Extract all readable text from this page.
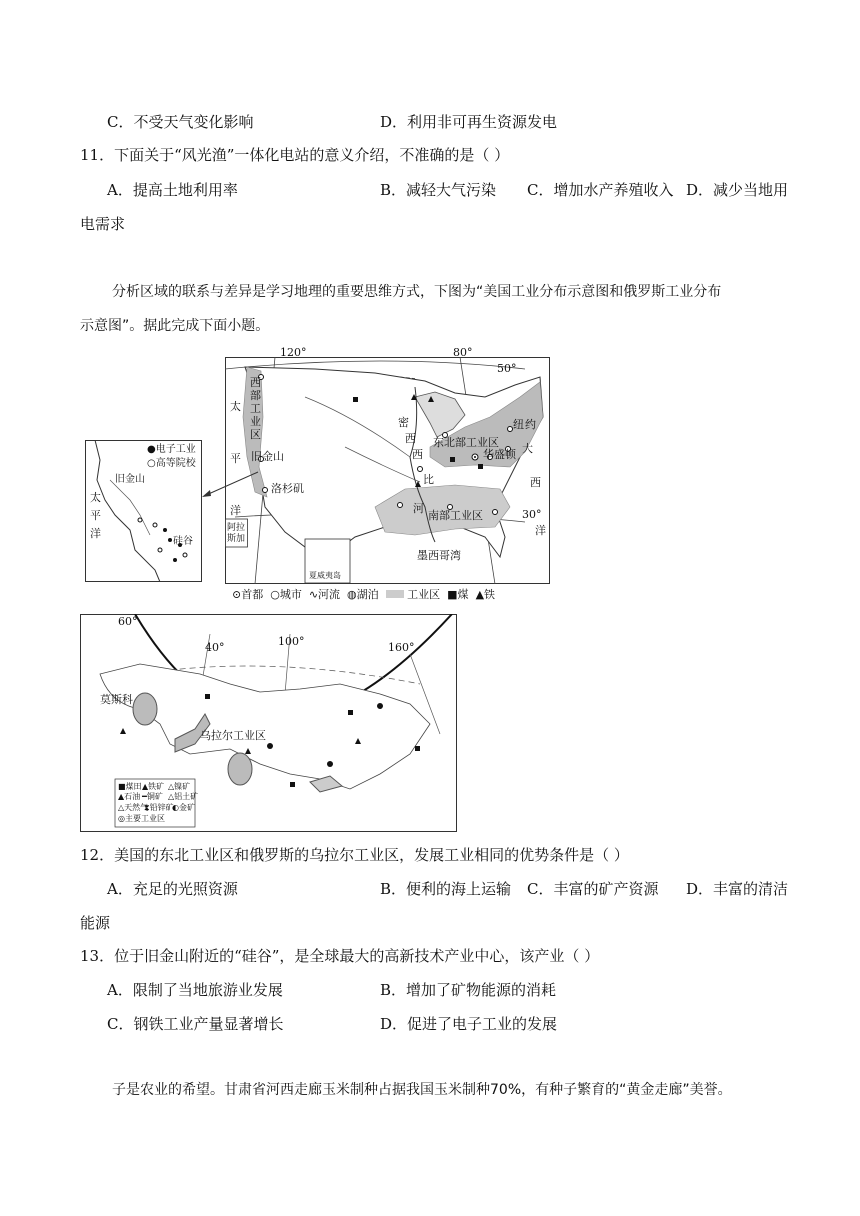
C．不受天气变化影响	D．利用非可再生资源发电
11．下面关于“风光渔”一体化电站的意义介绍，不准确的是（ ）
A．提高土地利用率	B．减轻大气污染 C．增加水产养殖收入 D．减少当地用
电需求
分析区域的联系与差异是学习地理的重要思维方式，下图为“美国工业分布示意图和俄罗斯工业分布
示意图”。据此完成下面小题。
120°	80°
50°
30°
西
部
工
业
区
太
平
洋
旧金山
洛杉矶
密
西
西
比
河
东北部工业区
华盛顿
纽 约
大
西
洋
南部工业区
墨西哥湾
阿拉
斯加
夏威夷岛
●电子工业
○高等院校
旧金山
硅谷
太
平
洋
⊙首都 ○城市 ∿河流 ◍湖泊	工业区 ■煤 ▲铁
60°
40°	100°	160°
莫斯科
乌拉尔工业区
■煤田 ▲铁矿 △镍矿
▲石油 ━铜矿 △铝土矿
△天然气
⧗铅锌矿
◐金矿
◎主要工业区
12．美国的东北工业区和俄罗斯的乌拉尔工业区，发展工业相同的优势条件是（ ）
A．充足的光照资源	B．便利的海上运输 C．丰富的矿产资源 D．丰富的清洁
能源
13．位于旧金山附近的“硅谷”，是全球最大的高新技术产业中心，该产业（ ）
A．限制了当地旅游业发展	B．增加了矿物能源的消耗
C．钢铁工业产量显著增长	D．促进了电子工业的发展
子是农业的希望。甘肃省河西走廊玉米制种占据我国玉米制种70%，有种子繁育的“黄金走廊”美誉。
